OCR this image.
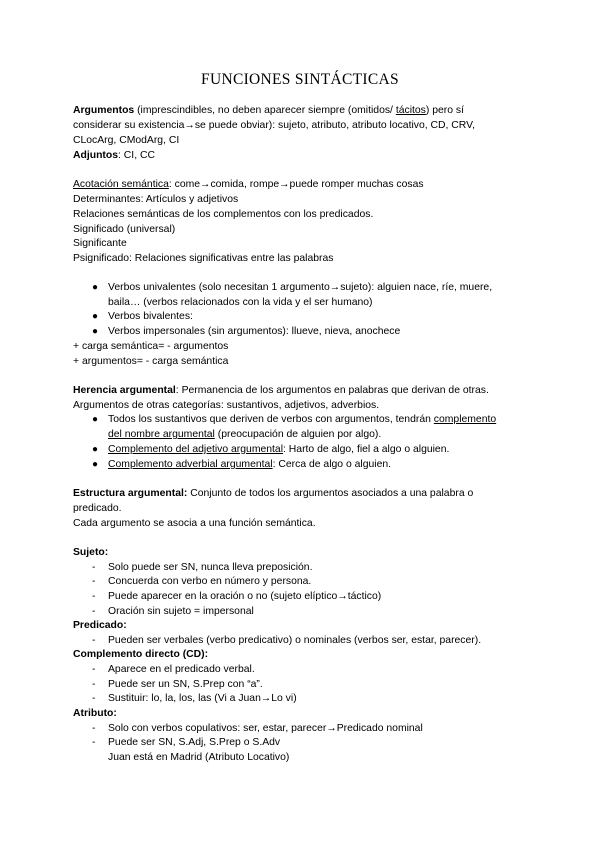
FUNCIONES SINTÁCTICAS
Argumentos (imprescindibles, no deben aparecer siempre (omitidos/ tácitos) pero sí
considerar su existencia→se puede obviar): sujeto, atributo, atributo locativo, CD, CRV,
CLocArg, CModArg, CI
Adjuntos: CI, CC
Acotación semántica: come→comida, rompe→puede romper muchas cosas
Determinantes: Artículos y adjetivos
Relaciones semánticas de los complementos con los predicados.
Significado (universal)
Significante
Psignificado: Relaciones significativas entre las palabras
● Verbos univalentes (solo necesitan 1 argumento→sujeto): alguien nace, ríe, muere,
baila… (verbos relacionados con la vida y el ser humano)
● Verbos bivalentes:
● Verbos impersonales (sin argumentos): llueve, nieva, anochece
+ carga semántica= - argumentos
+ argumentos= - carga semántica
Herencia argumental: Permanencia de los argumentos en palabras que derivan de otras.
Argumentos de otras categorías: sustantivos, adjetivos, adverbios.
● Todos los sustantivos que deriven de verbos con argumentos, tendrán complemento
del nombre argumental (preocupación de alguien por algo).
● Complemento del adjetivo argumental: Harto de algo, fiel a algo o alguien.
● Complemento adverbial argumental: Cerca de algo o alguien.
Estructura argumental: Conjunto de todos los argumentos asociados a una palabra o
predicado.
Cada argumento se asocia a una función semántica.
Sujeto:
- Solo puede ser SN, nunca lleva preposición.
- Concuerda con verbo en número y persona.
- Puede aparecer en la oración o no (sujeto elíptico→táctico)
- Oración sin sujeto = impersonal
Predicado:
- Pueden ser verbales (verbo predicativo) o nominales (verbos ser, estar, parecer).
Complemento directo (CD):
- Aparece en el predicado verbal.
- Puede ser un SN, S.Prep con “a”.
- Sustituir: lo, la, los, las (Vi a Juan→Lo vi)
Atributo:
- Solo con verbos copulativos: ser, estar, parecer→Predicado nominal
- Puede ser SN, S.Adj, S.Prep o S.Adv
Juan está en Madrid (Atributo Locativo)
